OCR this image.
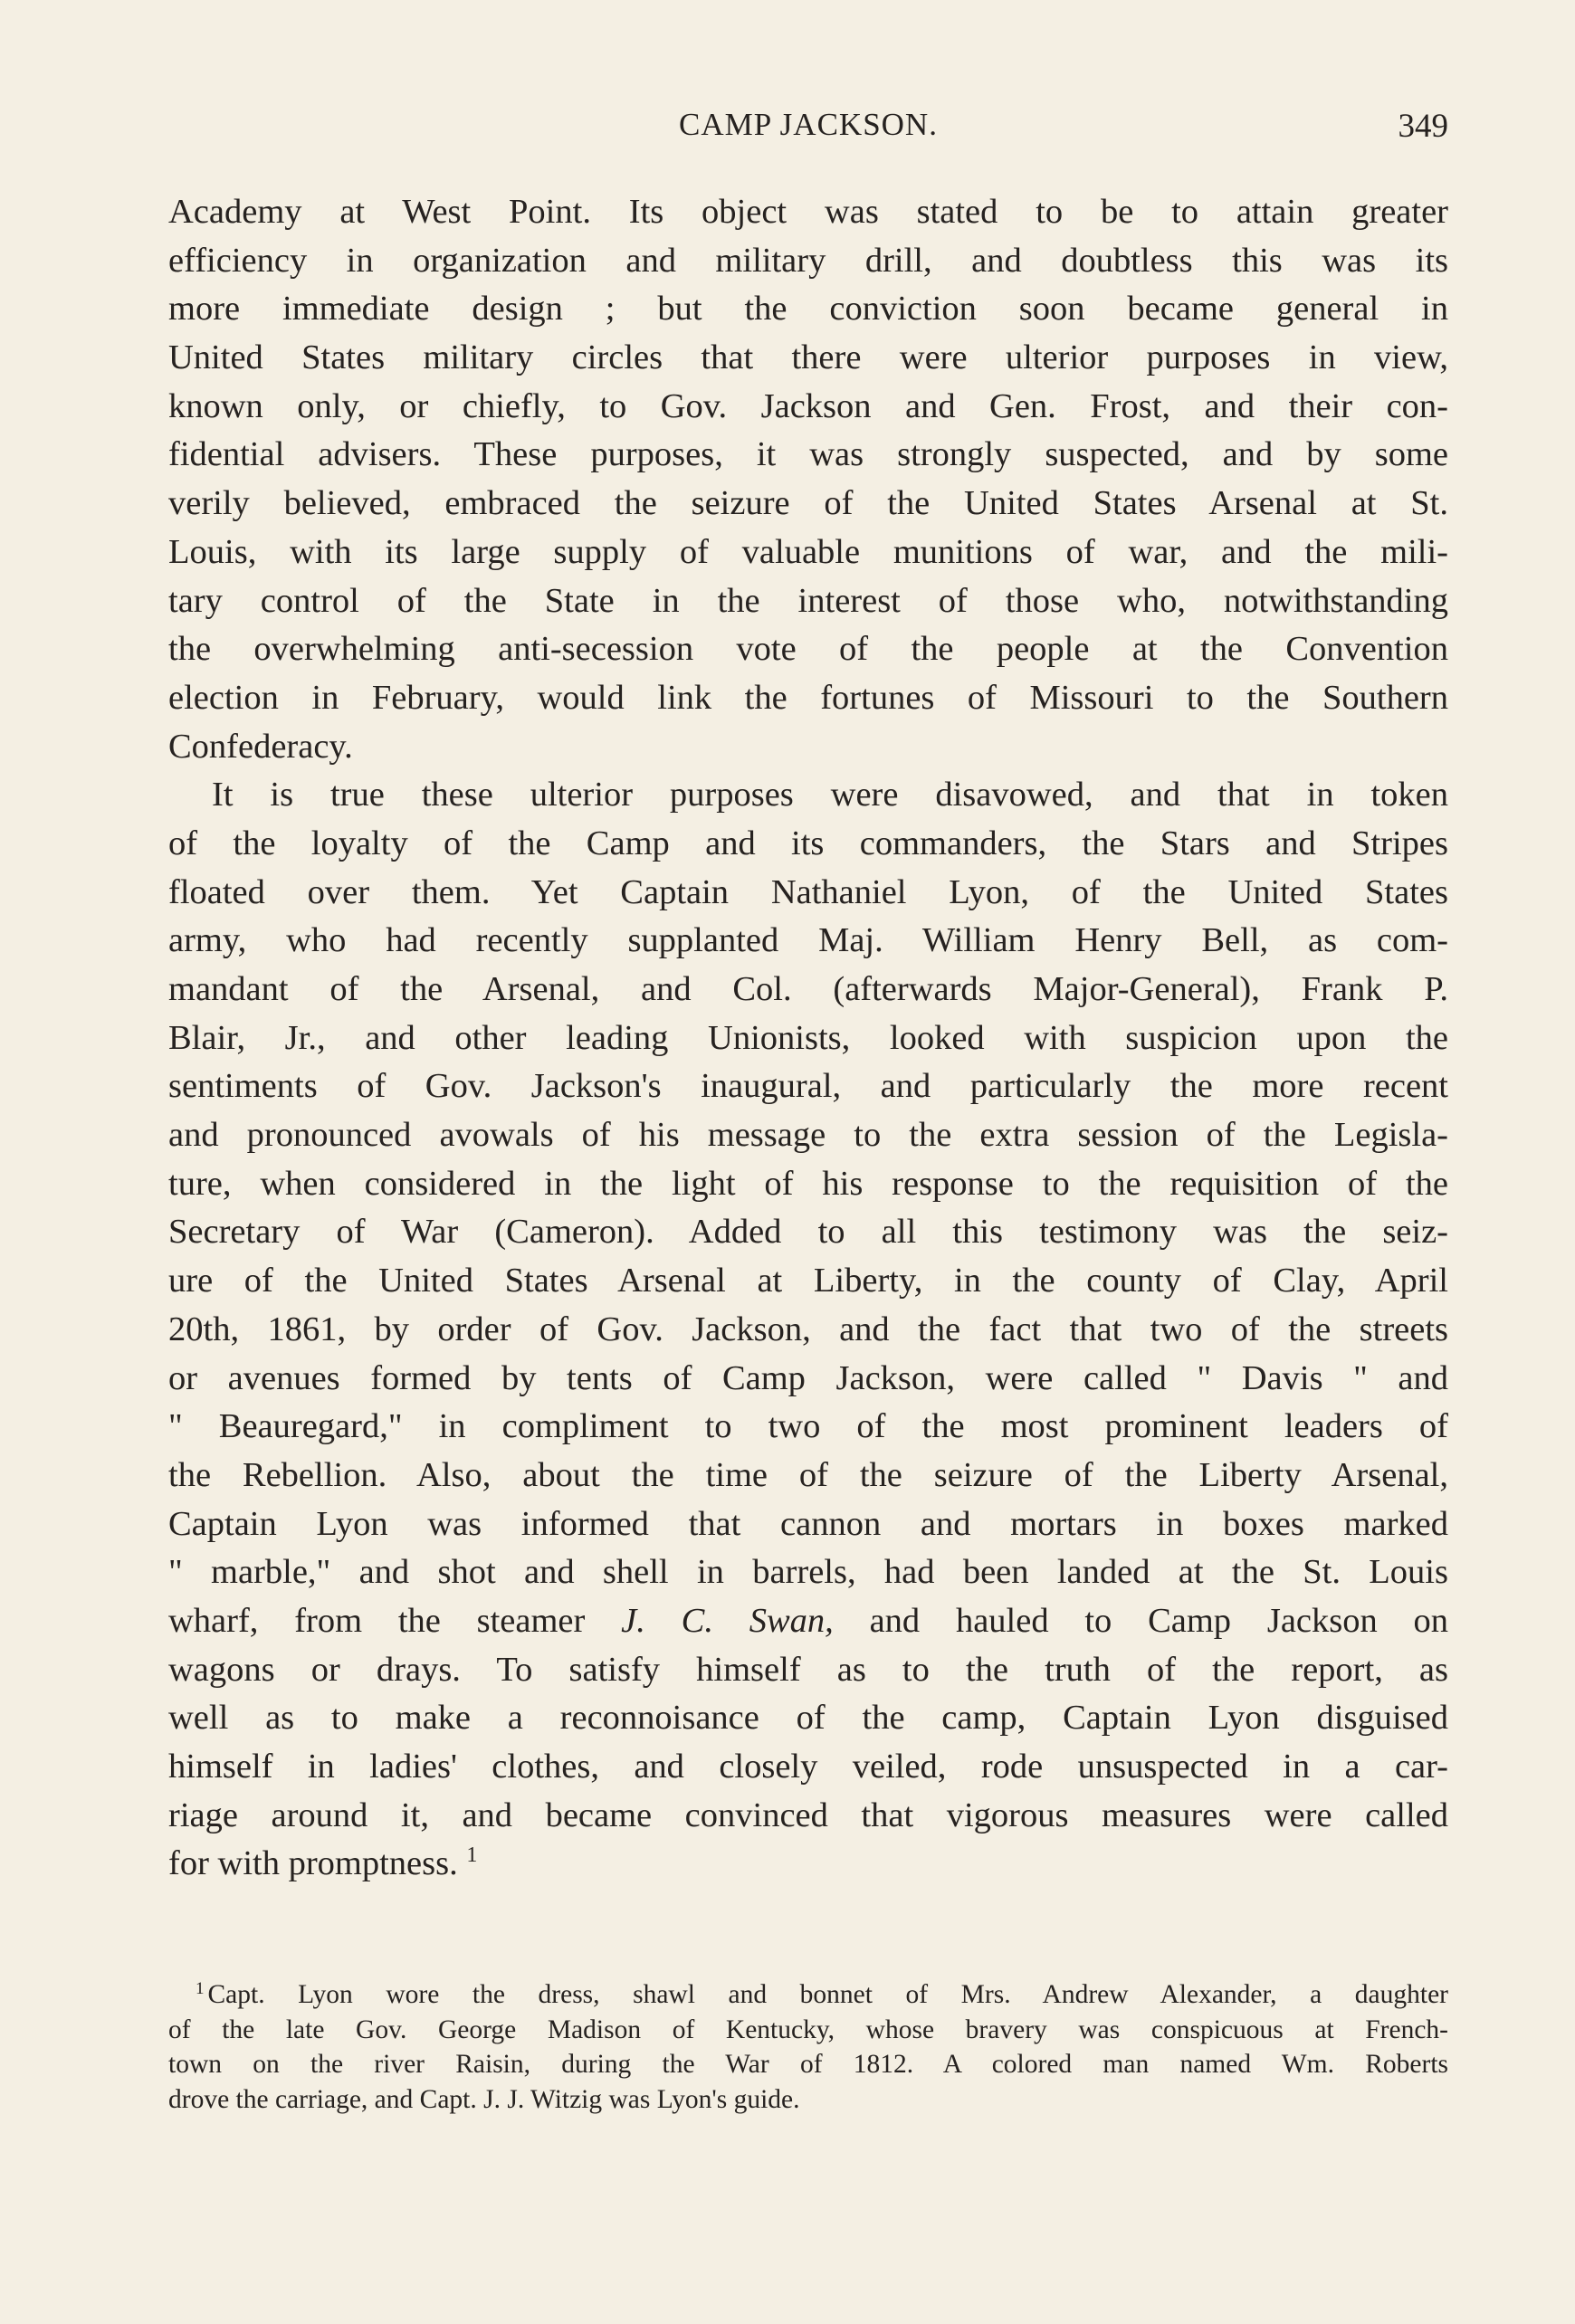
CAMP JACKSON.	349
Academy at West Point. Its object was stated to be to attain greater
efficiency in organization and military drill, and doubtless this was its
more immediate design ; but the conviction soon became general in
United States military circles that there were ulterior purposes in view,
known only, or chiefly, to Gov. Jackson and Gen. Frost, and their con-
fidential advisers. These purposes, it was strongly suspected, and by some
verily believed, embraced the seizure of the United States Arsenal at St.
Louis, with its large supply of valuable munitions of war, and the mili-
tary control of the State in the interest of those who, notwithstanding
the overwhelming anti-secession vote of the people at the Convention
election in February, would link the fortunes of Missouri to the Southern
Confederacy.
It is true these ulterior purposes were disavowed, and that in token
of the loyalty of the Camp and its commanders, the Stars and Stripes
floated over them. Yet Captain Nathaniel Lyon, of the United States
army, who had recently supplanted Maj. William Henry Bell, as com-
mandant of the Arsenal, and Col. (afterwards Major-General), Frank P.
Blair, Jr., and other leading Unionists, looked with suspicion upon the
sentiments of Gov. Jackson's inaugural, and particularly the more recent
and pronounced avowals of his message to the extra session of the Legisla-
ture, when considered in the light of his response to the requisition of the
Secretary of War (Cameron). Added to all this testimony was the seiz-
ure of the United States Arsenal at Liberty, in the county of Clay, April
20th, 1861, by order of Gov. Jackson, and the fact that two of the streets
or avenues formed by tents of Camp Jackson, were called " Davis " and
" Beauregard," in compliment to two of the most prominent leaders of
the Rebellion. Also, about the time of the seizure of the Liberty Arsenal,
Captain Lyon was informed that cannon and mortars in boxes marked
" marble," and shot and shell in barrels, had been landed at the St. Louis
wharf, from the steamer J. C. Swan, and hauled to Camp Jackson on
wagons or drays. To satisfy himself as to the truth of the report, as
well as to make a reconnoisance of the camp, Captain Lyon disguised
himself in ladies' clothes, and closely veiled, rode unsuspected in a car-
riage around it, and became convinced that vigorous measures were called
for with promptness. $^1$
$^1$ Capt. Lyon wore the dress, shawl and bonnet of Mrs. Andrew Alexander, a daughter
of the late Gov. George Madison of Kentucky, whose bravery was conspicuous at French-
town on the river Raisin, during the War of 1812. A colored man named Wm. Roberts
drove the carriage, and Capt. J. J. Witzig was Lyon's guide.
